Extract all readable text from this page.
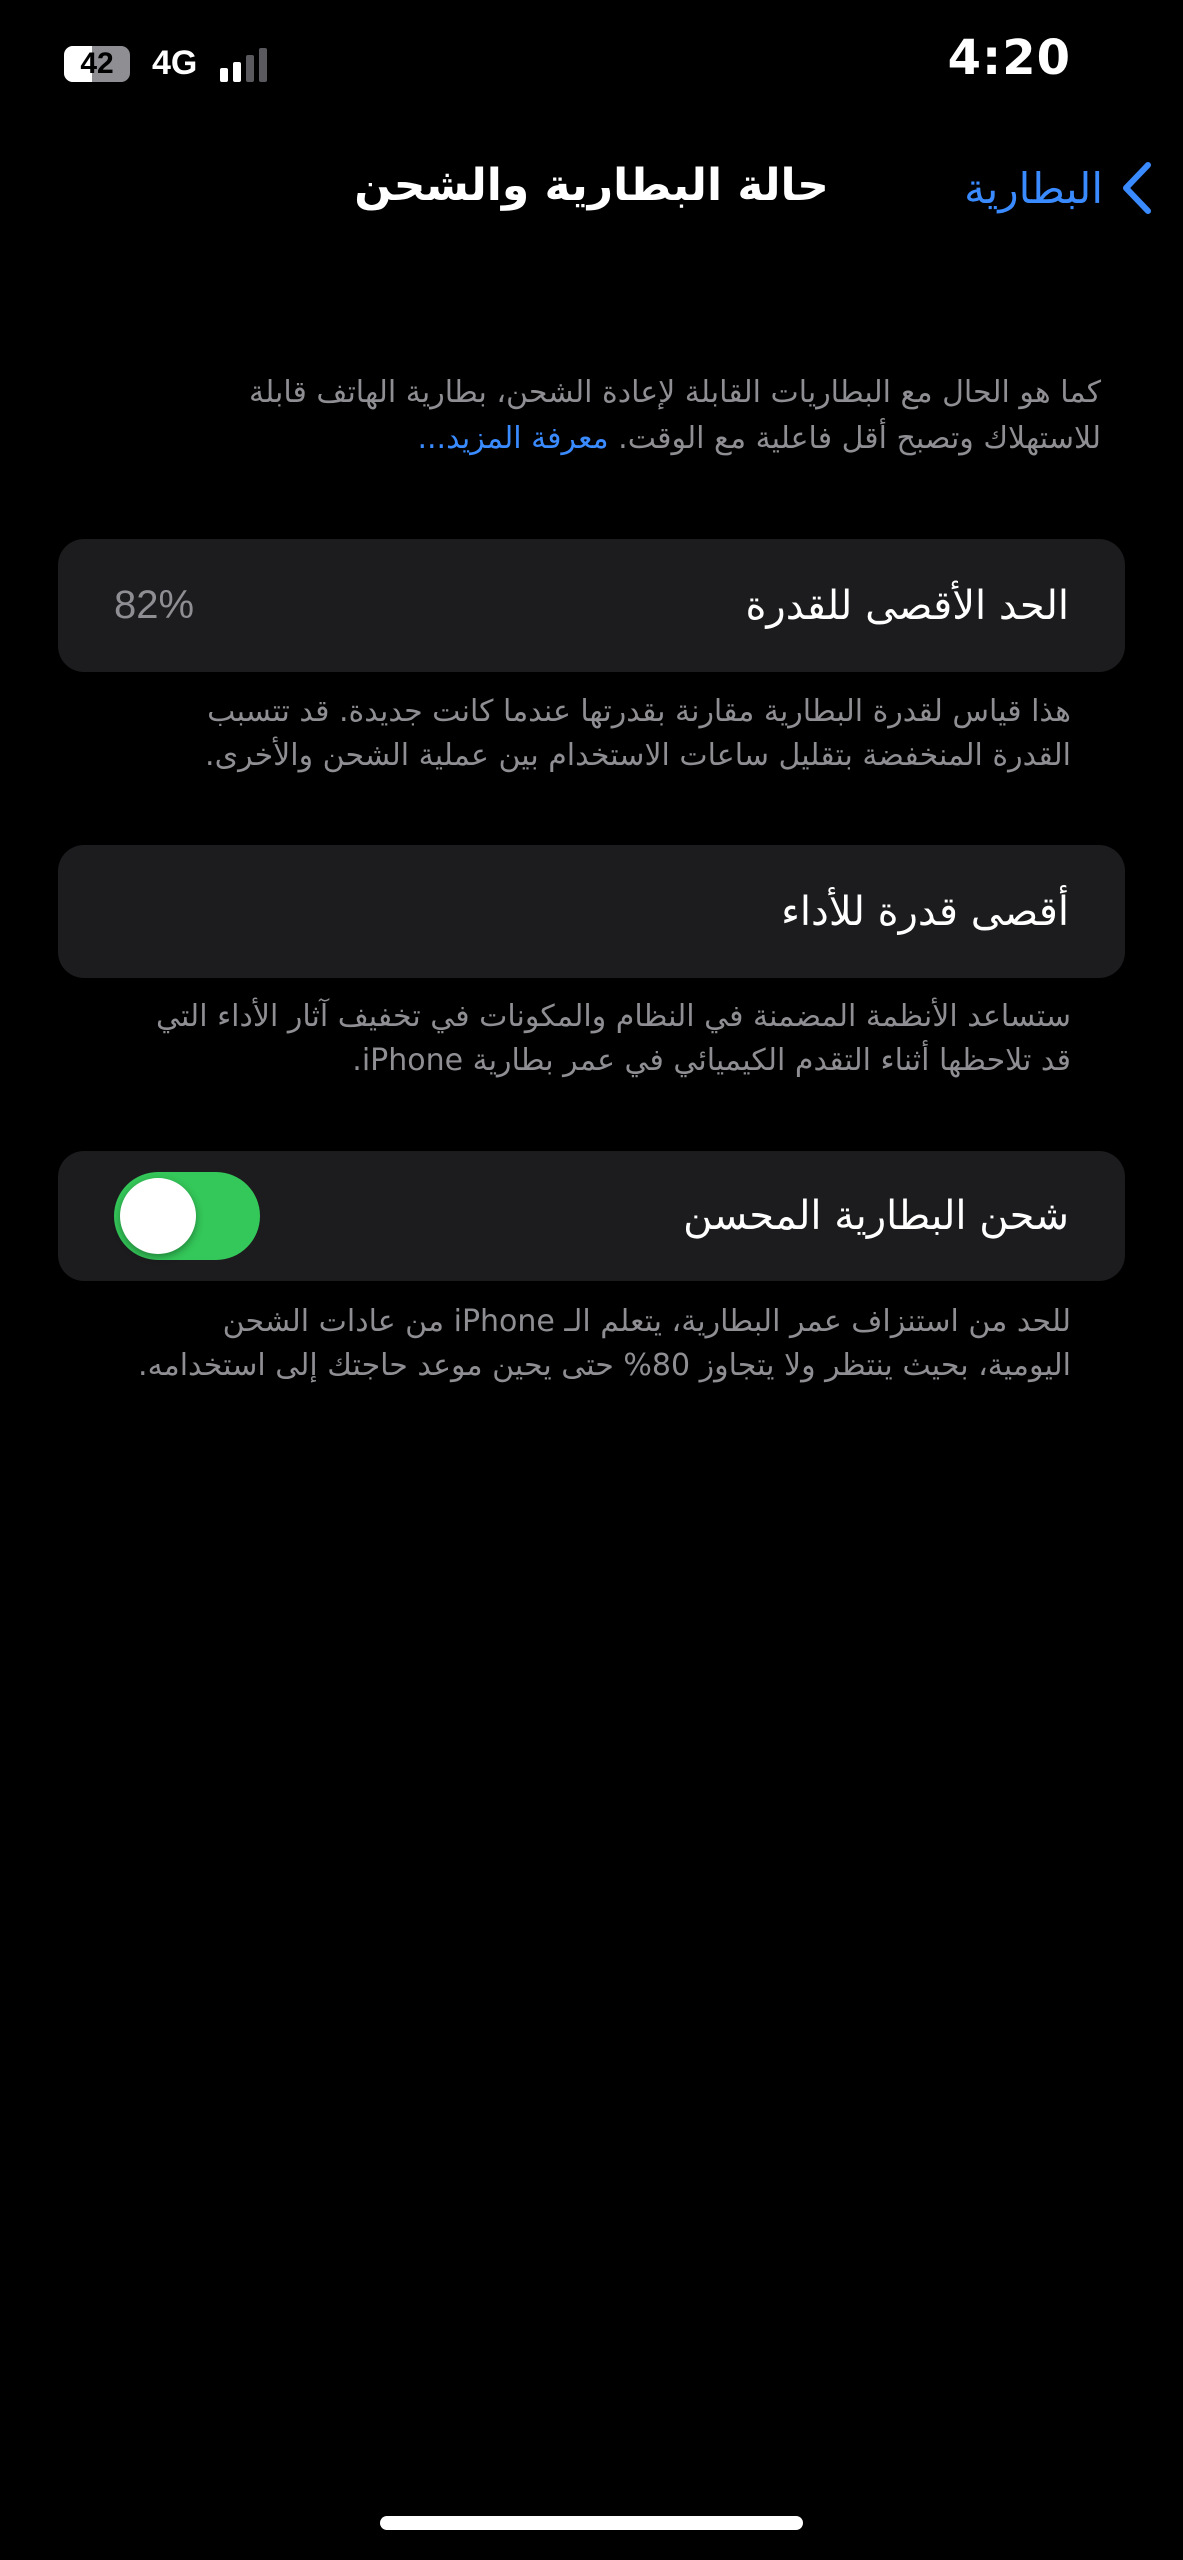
42	4G	4:20
حالة البطارية والشحن	البطارية
كما هو الحال مع البطاريات القابلة لإعادة الشحن، بطارية الهاتف قابلة للاستهلاك وتصبح أقل فاعلية مع الوقت. معرفة المزيد...
الحد الأقصى للقدرة
82%
هذا قياس لقدرة البطارية مقارنة بقدرتها عندما كانت جديدة. قد تتسبب القدرة المنخفضة بتقليل ساعات الاستخدام بين عملية الشحن والأخرى.
أقصى قدرة للأداء
ستساعد الأنظمة المضمنة في النظام والمكونات في تخفيف آثار الأداء التي قد تلاحظها أثناء التقدم الكيميائي في عمر بطارية iPhone.
شحن البطارية المحسن
للحد من استنزاف عمر البطارية، يتعلم الـ iPhone من عادات الشحن اليومية، بحيث ينتظر ولا يتجاوز 80% حتى يحين موعد حاجتك إلى استخدامه.
